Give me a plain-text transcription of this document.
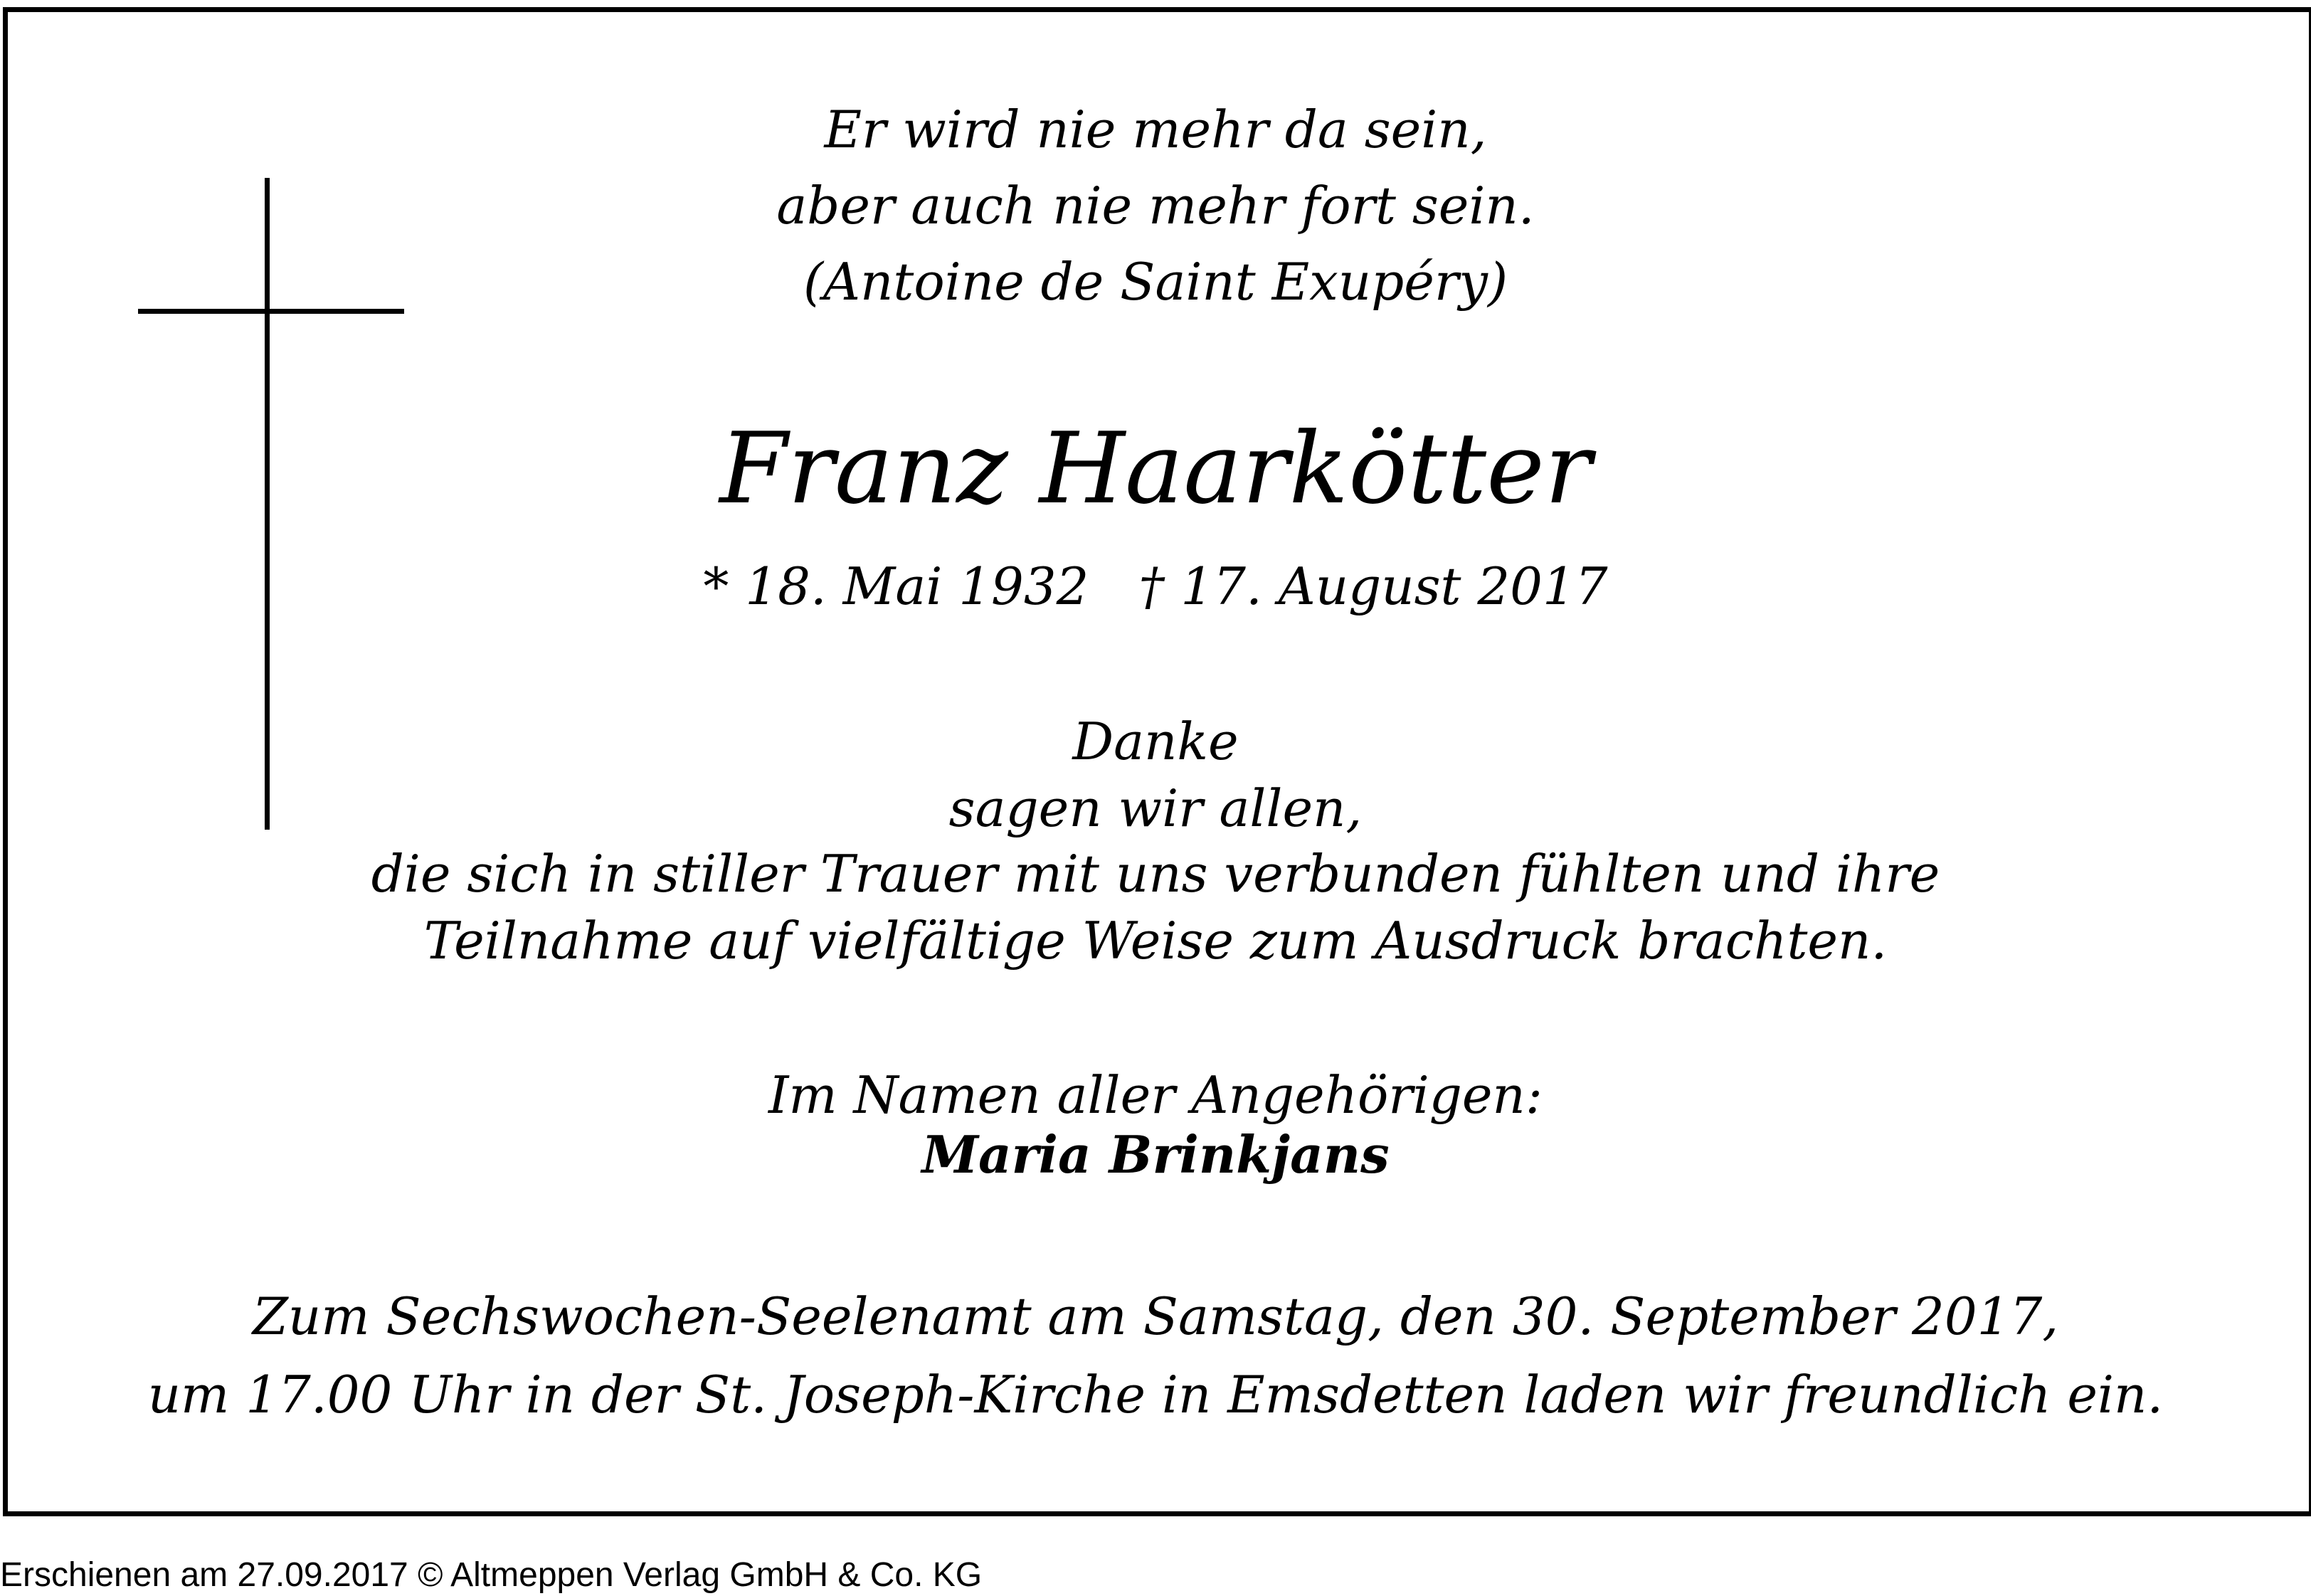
Er wird nie mehr da sein,
aber auch nie mehr fort sein.
(Antoine de Saint Exupéry)
Franz Haarkötter
* 18. Mai 1932 † 17. August 2017
Danke
sagen wir allen,
die sich in stiller Trauer mit uns verbunden fühlten und ihre
Teilnahme auf vielfältige Weise zum Ausdruck brachten.
Im Namen aller Angehörigen:
Maria Brinkjans
Zum Sechswochen-Seelenamt am Samstag, den 30. September 2017,
um 17.00 Uhr in der St. Joseph-Kirche in Emsdetten laden wir freundlich ein.
Erschienen am 27.09.2017 © Altmeppen Verlag GmbH & Co. KG
